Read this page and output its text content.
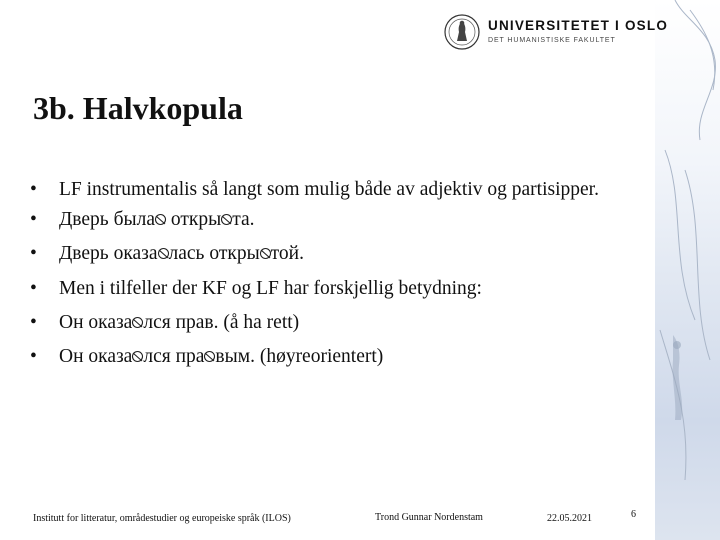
UNIVERSITETET I OSLO
DET HUMANISTISKE FAKULTET
3b. Halvkopula
• LF instrumentalis så langt som mulig både av adjektiv og partisipper.
• Дверь была откры та.
• Дверь оказа лась откры той.
• Men i tilfeller der KF og LF har forskjellig betydning:
• Он оказа лся прав. (å ha rett)
• Он оказа лся пра вым. (høyreorientert)
Institutt for litteratur, områdestudier og europeiske språk (ILOS)	Trond Gunnar Nordenstam	22.05.2021	6
